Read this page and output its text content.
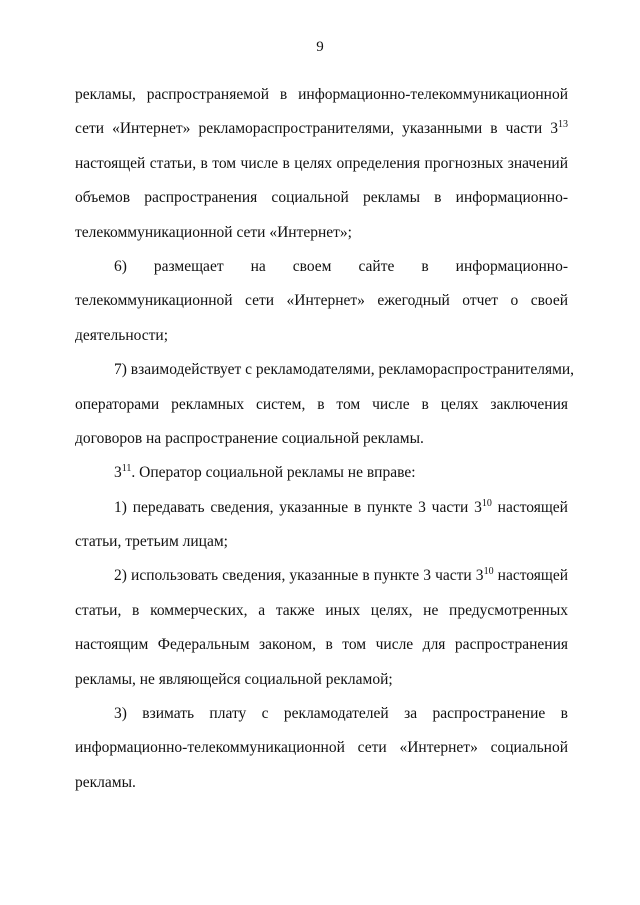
9
рекламы, распространяемой в информационно-телекоммуникационной
сети «Интернет» рекламораспространителями, указанными в части $3^{13}$
настоящей статьи, в том числе в целях определения прогнозных значений
объемов распространения социальной рекламы в информационно-
телекоммуникационной сети «Интернет»;
6) размещает на своем сайте в информационно-
телекоммуникационной сети «Интернет» ежегодный отчет о своей
деятельности;
7) взаимодействует с рекламодателями, рекламораспространителями,
операторами рекламных систем, в том числе в целях заключения
договоров на распространение социальной рекламы.
$3^{11}$. Оператор социальной рекламы не вправе:
1) передавать сведения, указанные в пункте 3 части $3^{10}$ настоящей
статьи, третьим лицам;
2) использовать сведения, указанные в пункте 3 части $3^{10}$ настоящей
статьи, в коммерческих, а также иных целях, не предусмотренных
настоящим Федеральным законом, в том числе для распространения
рекламы, не являющейся социальной рекламой;
3) взимать плату с рекламодателей за распространение в
информационно-телекоммуникационной сети «Интернет» социальной
рекламы.
